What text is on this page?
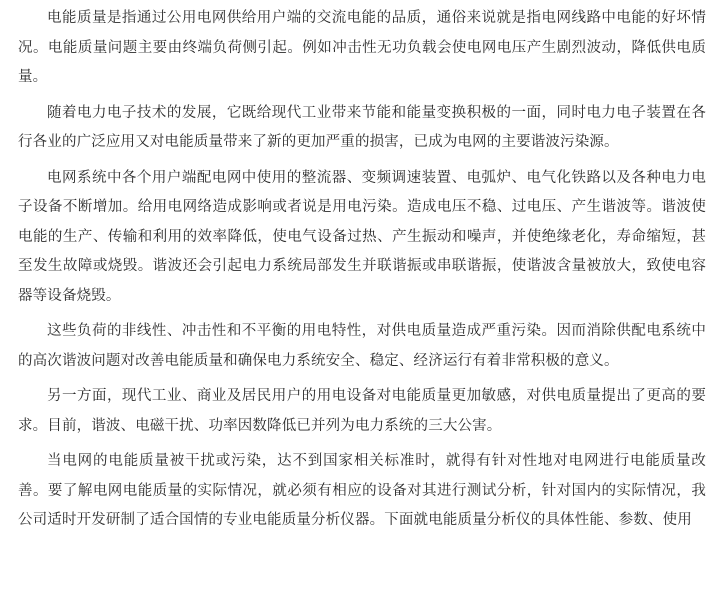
电能质量是指通过公用电网供给用户端的交流电能的品质，通俗来说就是指电网线路中电能的好坏情况。电能质量问题主要由终端负荷侧引起。例如冲击性无功负载会使电网电压产生剧烈波动，降低供电质量。

随着电力电子技术的发展，它既给现代工业带来节能和能量变换积极的一面，同时电力电子装置在各行各业的广泛应用又对电能质量带来了新的更加严重的损害，已成为电网的主要谐波污染源。

电网系统中各个用户端配电网中使用的整流器、变频调速装置、电弧炉、电气化铁路以及各种电力电子设备不断增加。给用电网络造成影响或者说是用电污染。造成电压不稳、过电压、产生谐波等。谐波使电能的生产、传输和利用的效率降低，使电气设备过热、产生振动和噪声，并使绝缘老化，寿命缩短，甚至发生故障或烧毁。谐波还会引起电力系统局部发生并联谐振或串联谐振，使谐波含量被放大，致使电容器等设备烧毁。

这些负荷的非线性、冲击性和不平衡的用电特性，对供电质量造成严重污染。因而消除供配电系统中的高次谐波问题对改善电能质量和确保电力系统安全、稳定、经济运行有着非常积极的意义。

另一方面，现代工业、商业及居民用户的用电设备对电能质量更加敏感，对供电质量提出了更高的要求。目前，谐波、电磁干扰、功率因数降低已并列为电力系统的三大公害。

当电网的电能质量被干扰或污染，达不到国家相关标准时，就得有针对性地对电网进行电能质量改善。要了解电网电能质量的实际情况，就必须有相应的设备对其进行测试分析，针对国内的实际情况，我公司适时开发研制了适合国情的专业电能质量分析仪器。下面就电能质量分析仪的具体性能、参数、使用
